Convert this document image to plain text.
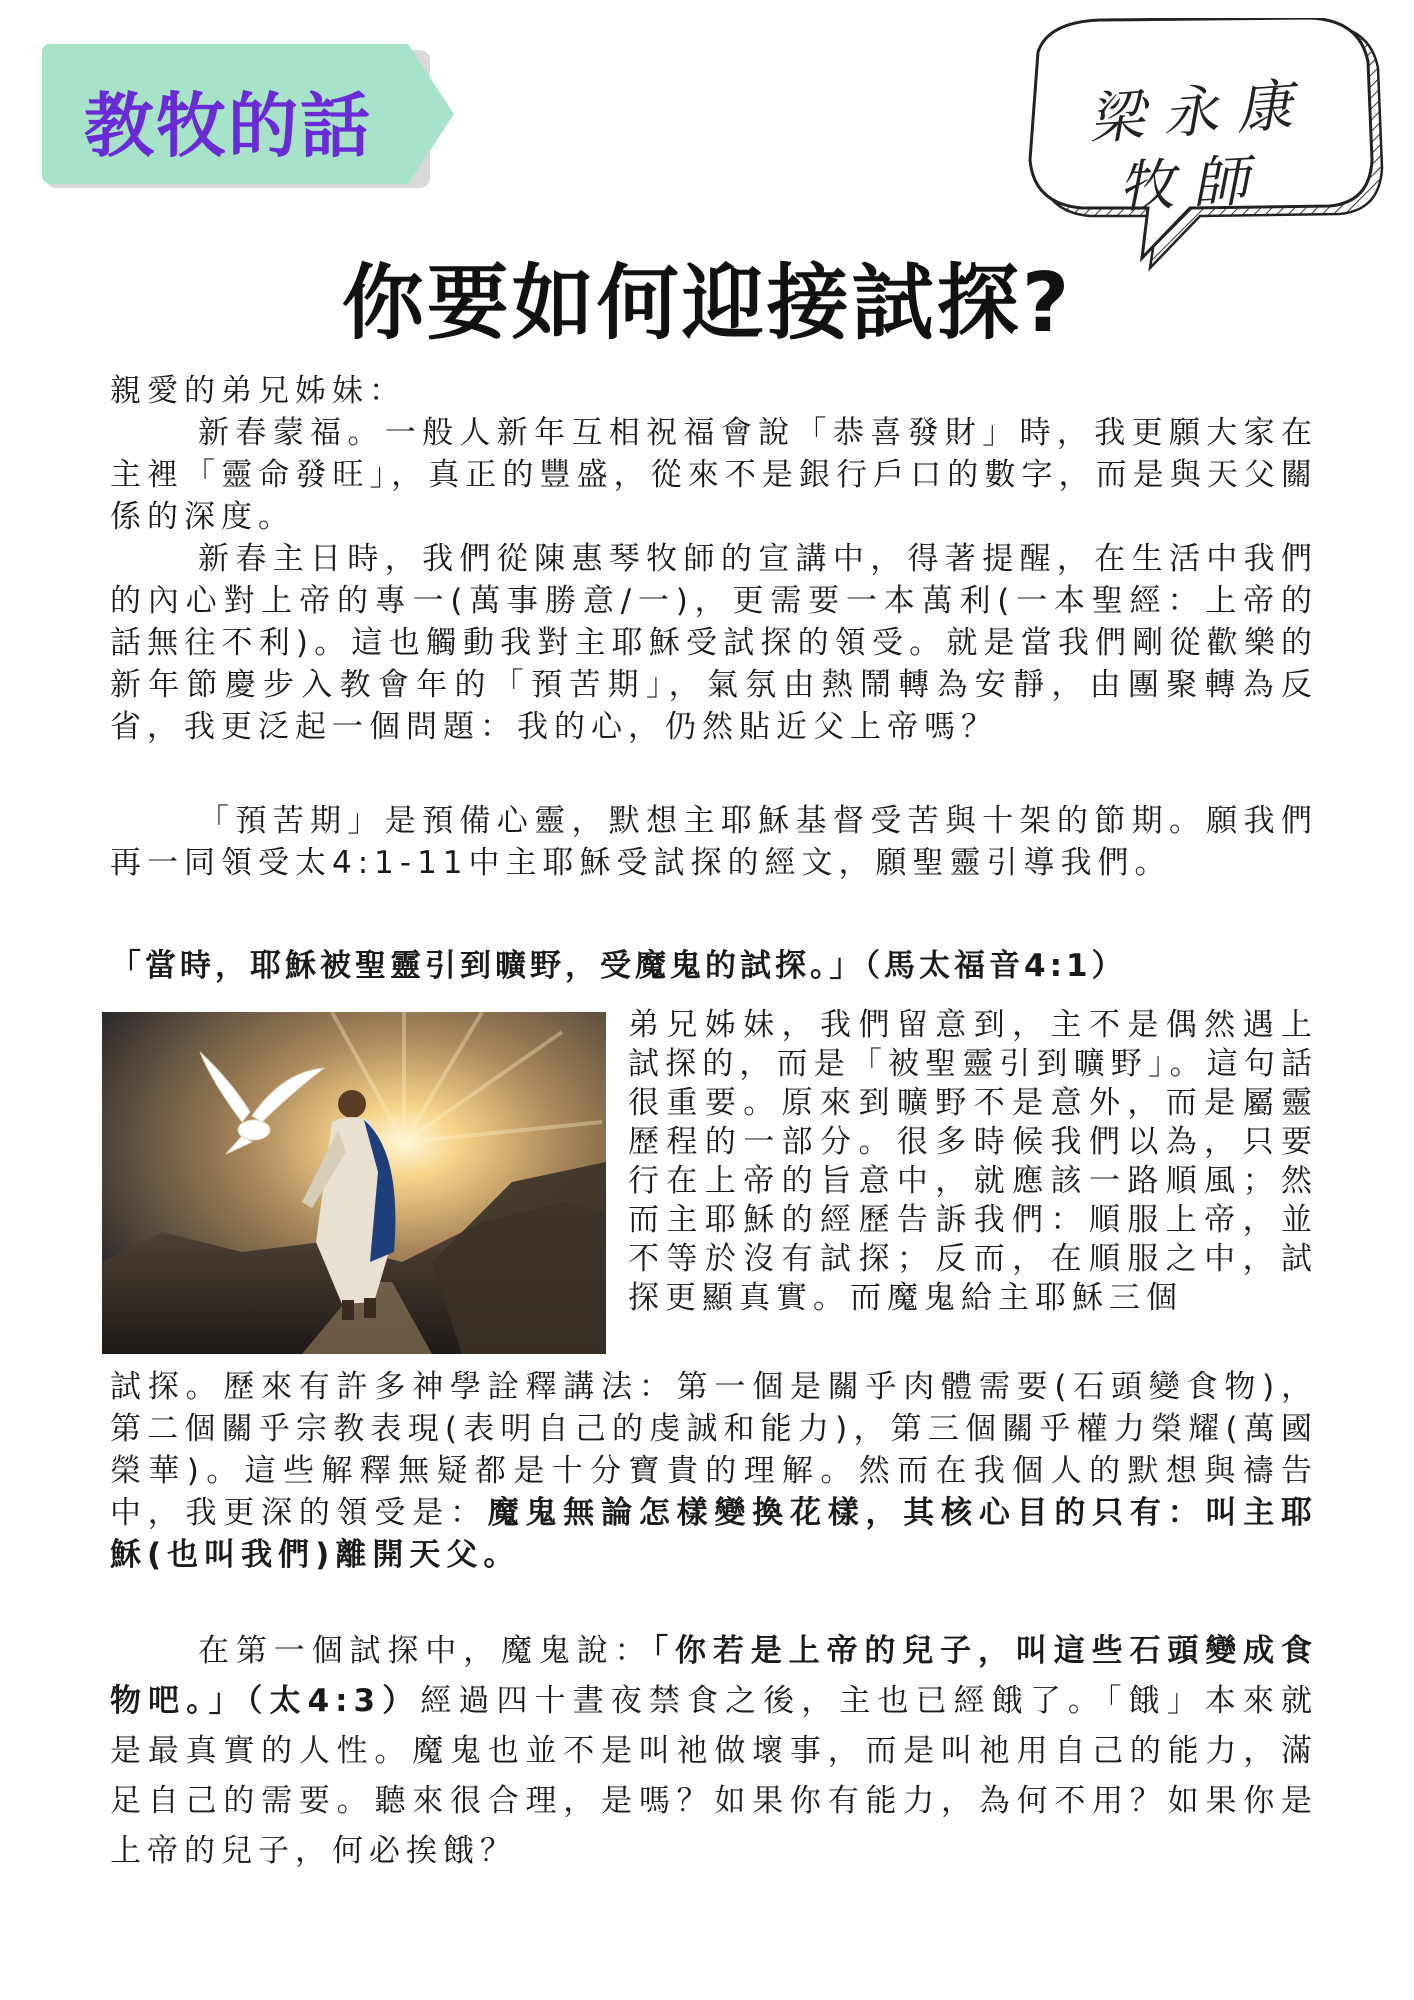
教牧的話	梁永康
牧師
你要如何迎接試探?
親愛的弟兄姊妹：
新春蒙福。一般人新年互相祝福會說「恭喜發財」時，我更願大家在主裡「靈命發旺」，真正的豐盛，從來不是銀行戶口的數字，而是與天父關係的深度。
新春主日時，我們從陳惠琴牧師的宣講中，得著提醒，在生活中我們的內心對上帝的專一(萬事勝意/一)，更需要一本萬利(一本聖經：上帝的話無往不利)。這也觸動我對主耶穌受試探的領受。就是當我們剛從歡樂的新年節慶步入教會年的「預苦期」，氣氛由熱鬧轉為安靜，由團聚轉為反省，我更泛起一個問題：我的心，仍然貼近父上帝嗎？
「預苦期」是預備心靈，默想主耶穌基督受苦與十架的節期。願我們再一同領受太4:1-11中主耶穌受試探的經文，願聖靈引導我們。
「當時，耶穌被聖靈引到曠野，受魔鬼的試探。」（馬太福音4:1）
弟兄姊妹，我們留意到，主不是偶然遇上試探的，而是「被聖靈引到曠野」。這句話很重要。原來到曠野不是意外，而是屬靈歷程的一部分。很多時候我們以為，只要行在上帝的旨意中，就應該一路順風；然而主耶穌的經歷告訴我們：順服上帝，並不等於沒有試探；反而，在順服之中，試探更顯真實。而魔鬼給主耶穌三個
試探。歷來有許多神學詮釋講法：第一個是關乎肉體需要(石頭變食物)，第二個關乎宗教表現(表明自己的虔誠和能力)，第三個關乎權力榮耀(萬國榮華)。這些解釋無疑都是十分寶貴的理解。然而在我個人的默想與禱告中，我更深的領受是：魔鬼無論怎樣變換花樣，其核心目的只有：叫主耶穌(也叫我們)離開天父。
在第一個試探中，魔鬼說：「你若是上帝的兒子，叫這些石頭變成食物吧。」（太4:3）經過四十晝夜禁食之後，主也已經餓了。「餓」本來就是最真實的人性。魔鬼也並不是叫祂做壞事，而是叫祂用自己的能力，滿足自己的需要。聽來很合理，是嗎？如果你有能力，為何不用？如果你是上帝的兒子，何必挨餓？
